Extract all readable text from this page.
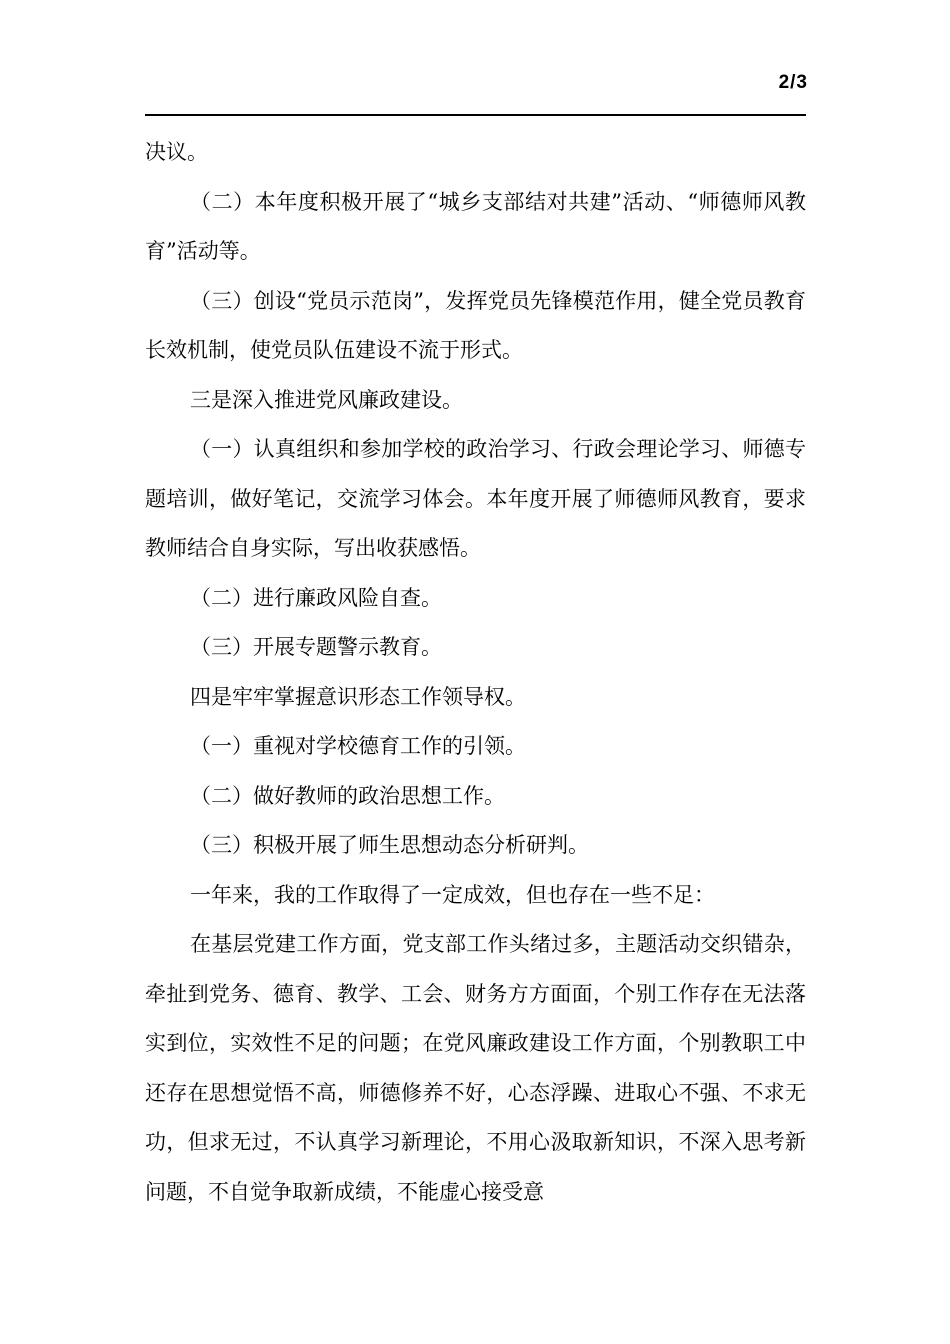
2/3

决议。

（二）本年度积极开展了“城乡支部结对共建”活动、“师德师风教育”活动等。

（三）创设“党员示范岗”，发挥党员先锋模范作用，健全党员教育长效机制，使党员队伍建设不流于形式。

三是深入推进党风廉政建设。

（一）认真组织和参加学校的政治学习、行政会理论学习、师德专题培训，做好笔记，交流学习体会。本年度开展了师德师风教育，要求教师结合自身实际，写出收获感悟。

（二）进行廉政风险自查。

（三）开展专题警示教育。

四是牢牢掌握意识形态工作领导权。

（一）重视对学校德育工作的引领。

（二）做好教师的政治思想工作。

（三）积极开展了师生思想动态分析研判。

一年来，我的工作取得了一定成效，但也存在一些不足：

在基层党建工作方面，党支部工作头绪过多，主题活动交织错杂，牵扯到党务、德育、教学、工会、财务方方面面，个别工作存在无法落实到位，实效性不足的问题；在党风廉政建设工作方面，个别教职工中还存在思想觉悟不高，师德修养不好，心态浮躁、进取心不强、不求无功，但求无过，不认真学习新理论，不用心汲取新知识，不深入思考新问题，不自觉争取新成绩，不能虚心接受意
